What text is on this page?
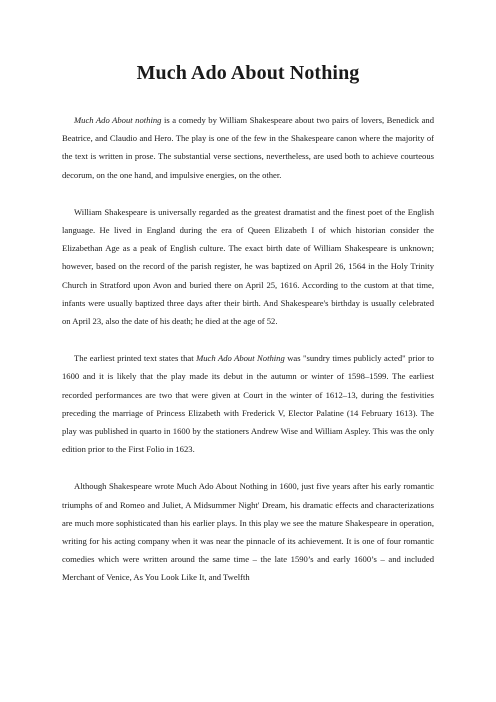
Much Ado About Nothing

Much Ado About nothing is a comedy by William Shakespeare about two pairs of lovers, Benedick and Beatrice, and Claudio and Hero. The play is one of the few in the Shakespeare canon where the majority of the text is written in prose. The substantial verse sections, nevertheless, are used both to achieve courteous decorum, on the one hand, and impulsive energies, on the other.

William Shakespeare is universally regarded as the greatest dramatist and the finest poet of the English language. He lived in England during the era of Queen Elizabeth I of which historian consider the Elizabethan Age as a peak of English culture. The exact birth date of William Shakespeare is unknown; however, based on the record of the parish register, he was baptized on April 26, 1564 in the Holy Trinity Church in Stratford upon Avon and buried there on April 25, 1616. According to the custom at that time, infants were usually baptized three days after their birth. And Shakespeare's birthday is usually celebrated on April 23, also the date of his death; he died at the age of 52.

The earliest printed text states that Much Ado About Nothing was "sundry times publicly acted" prior to 1600 and it is likely that the play made its debut in the autumn or winter of 1598–1599. The earliest recorded performances are two that were given at Court in the winter of 1612–13, during the festivities preceding the marriage of Princess Elizabeth with Frederick V, Elector Palatine (14 February 1613). The play was published in quarto in 1600 by the stationers Andrew Wise and William Aspley. This was the only edition prior to the First Folio in 1623.

Although Shakespeare wrote Much Ado About Nothing in 1600, just five years after his early romantic triumphs of and Romeo and Juliet, A Midsummer Night' Dream, his dramatic effects and characterizations are much more sophisticated than his earlier plays. In this play we see the mature Shakespeare in operation, writing for his acting company when it was near the pinnacle of its achievement. It is one of four romantic comedies which were written around the same time – the late 1590’s and early 1600’s – and included Merchant of Venice, As You Look Like It, and Twelfth
